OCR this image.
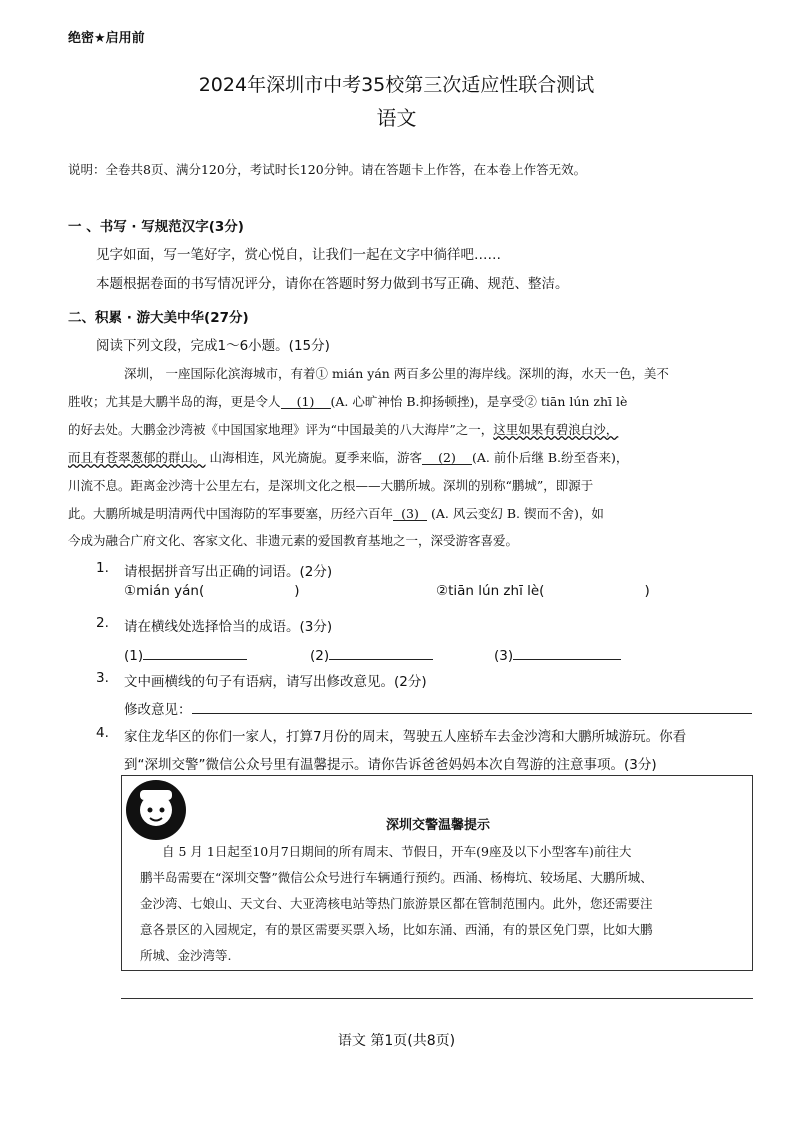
绝密★启用前
2024年深圳市中考35校第三次适应性联合测试
语文
说明：全卷共8页、满分120分，考试时长120分钟。请在答题卡上作答，在本卷上作答无效。
一 、书写 · 写规范汉字(3分)
见字如面，写一笔好字，赏心悦自，让我们一起在文字中徜徉吧……
本题根据卷面的书写情况评分，请你在答题时努力做到书写正确、规范、整洁。
二、积累 · 游大美中华(27分)
阅读下列文段，完成1～6小题。(15分)
深圳， 一座国际化滨海城市，有着① mián yán 两百多公里的海岸线。深圳的海，水天一色，美不
胜收；尤其是大鹏半岛的海，更是令人 (1) (A. 心旷神怡 B.抑扬顿挫)，是享受② tiān lún zhī lè
的好去处。大鹏金沙湾被《中国国家地理》评为“中国最美的八大海岸”之一，这里如果有碧浪白沙，
而且有苍翠葱郁的群山。 山海相连，风光旖旎。夏季来临，游客 (2) (A. 前仆后继 B.纷至沓来)，
川流不息。距离金沙湾十公里左右，是深圳文化之根——大鹏所城。深圳的别称“鹏城”，即源于
此。大鹏所城是明清两代中国海防的军事要塞，历经六百年 (3) (A. 风云变幻 B. 锲而不舍)，如
今成为融合广府文化、客家文化、非遗元素的爱国教育基地之一，深受游客喜爱。
1. 请根据拼音写出正确的词语。(2分)
①mián yán(	)	②tiān lún zhī lè(	)
2. 请在横线处选择恰当的成语。(3分)
(1)	(2)	(3)
3. 文中画横线的句子有语病，请写出修改意见。(2分)
修改意见：
4. 家住龙华区的你们一家人，打算7月份的周末，驾驶五人座轿车去金沙湾和大鹏所城游玩。你看
到“深圳交警”微信公众号里有温馨提示。请你告诉爸爸妈妈本次自驾游的注意事项。(3分)
深圳交警温馨提示
自 5 月 1日起至10月7日期间的所有周末、节假日，开车(9座及以下小型客车)前往大
鹏半岛需要在“深圳交警”微信公众号进行车辆通行预约。西涌、杨梅坑、较场尾、大鹏所城、
金沙湾、七娘山、天文台、大亚湾核电站等热门旅游景区都在管制范围内。此外，您还需要注
意各景区的入园规定，有的景区需要买票入场，比如东涌、西涌，有的景区免门票，比如大鹏
所城、金沙湾等.
语文 第1页(共8页)
